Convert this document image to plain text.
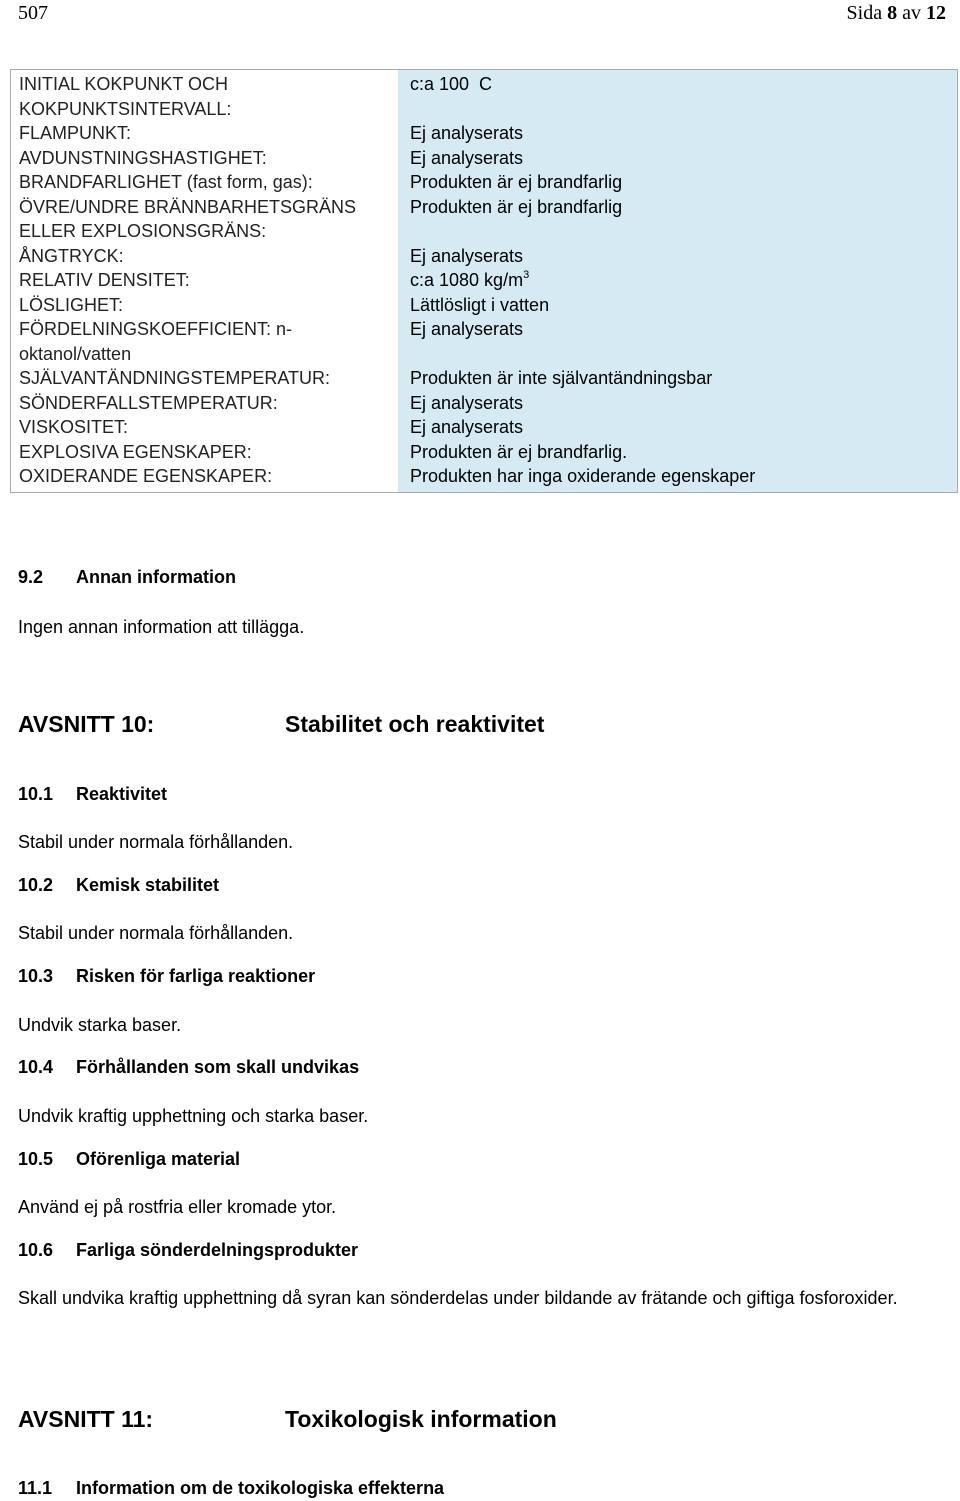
507	Sida 8 av 12
INITIAL KOKPUNKT OCH KOKPUNKTSINTERVALL:	c:a 100  C
FLAMPUNKT:	Ej analyserats
AVDUNSTNINGSHASTIGHET:	Ej analyserats
BRANDFARLIGHET (fast form, gas):	Produkten är ej brandfarlig
ÖVRE/UNDRE BRÄNNBARHETSGRÄNS ELLER EXPLOSIONSGRÄNS:	Produkten är ej brandfarlig
ÅNGTRYCK:	Ej analyserats
RELATIV DENSITET:	c:a 1080 $kg/m^3$
LÖSLIGHET:	Lättlösligt i vatten
FÖRDELNINGSKOEFFICIENT: n-oktanol/vatten	Ej analyserats
SJÄLVANTÄNDNINGSTEMPERATUR:	Produkten är inte självantändningsbar
SÖNDERFALLSTEMPERATUR:	Ej analyserats
VISKOSITET:	Ej analyserats
EXPLOSIVA EGENSKAPER:	Produkten är ej brandfarlig.
OXIDERANDE EGENSKAPER:	Produkten har inga oxiderande egenskaper
9.2 Annan information
Ingen annan information att tillägga.
AVSNITT 10:	Stabilitet och reaktivitet
10.1 Reaktivitet
Stabil under normala förhållanden.
10.2 Kemisk stabilitet
Stabil under normala förhållanden.
10.3 Risken för farliga reaktioner
Undvik starka baser.
10.4 Förhållanden som skall undvikas
Undvik kraftig upphettning och starka baser.
10.5 Oförenliga material
Använd ej på rostfria eller kromade ytor.
10.6 Farliga sönderdelningsprodukter
Skall undvika kraftig upphettning då syran kan sönderdelas under bildande av frätande och giftiga fosforoxider.
AVSNITT 11:	Toxikologisk information
11.1 Information om de toxikologiska effekterna
